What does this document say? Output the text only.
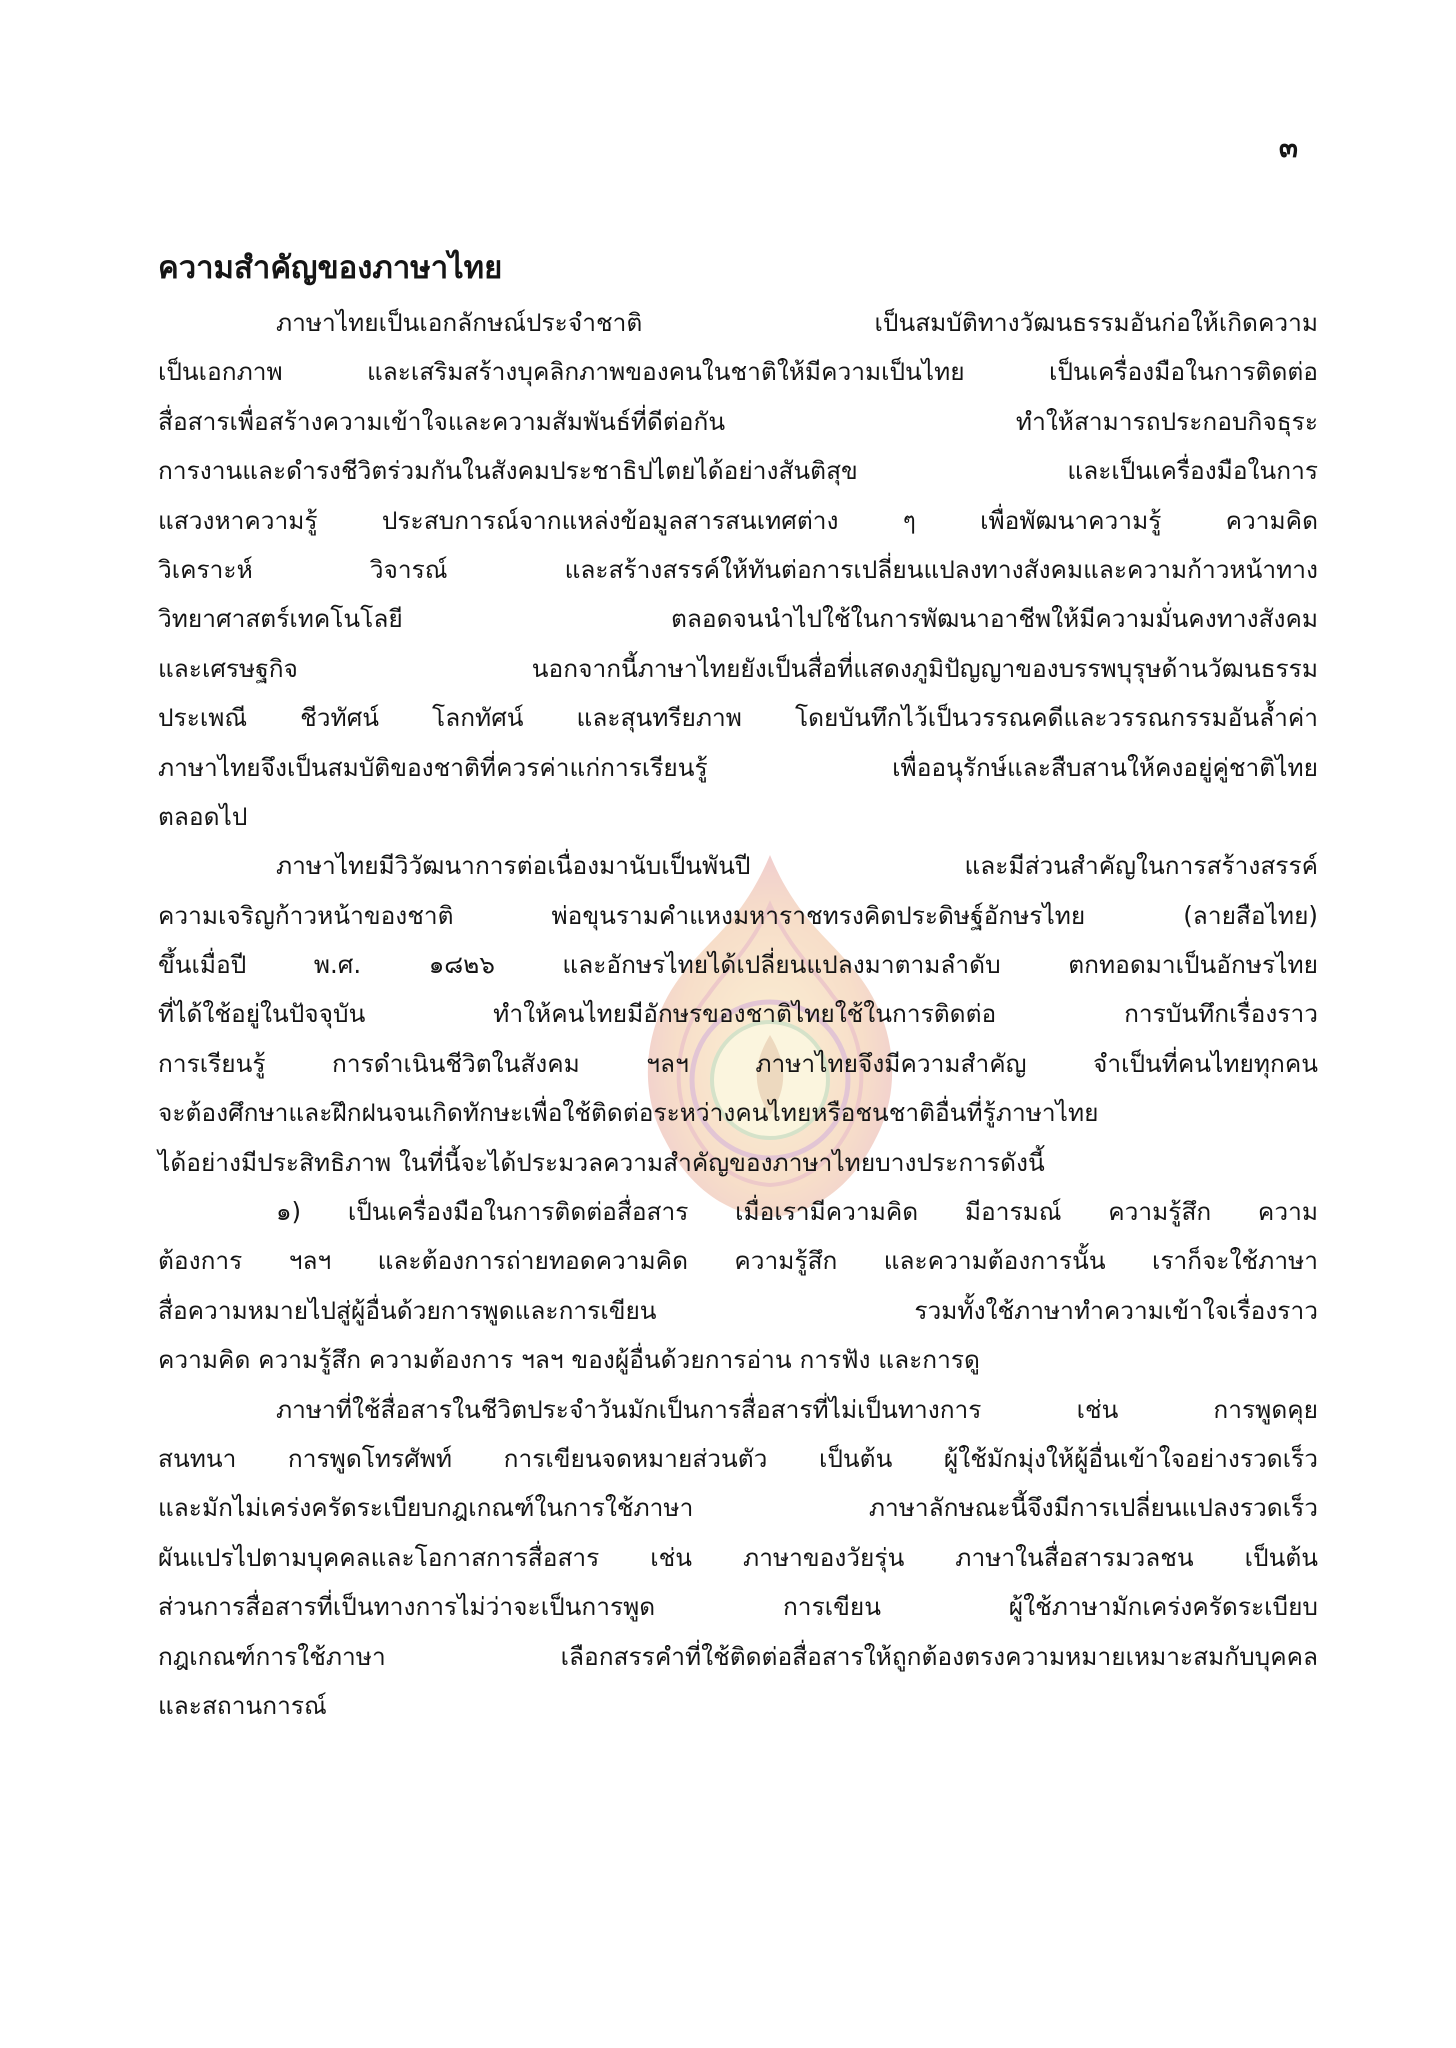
๓
ความสำคัญของภาษาไทย
ภาษาไทยเป็นเอกลักษณ์ประจำชาติ เป็นสมบัติทางวัฒนธรรมอันก่อให้เกิดความ
เป็นเอกภาพ และเสริมสร้างบุคลิกภาพของคนในชาติให้มีความเป็นไทย เป็นเครื่องมือในการติดต่อ
สื่อสารเพื่อสร้างความเข้าใจและความสัมพันธ์ที่ดีต่อกัน ทำให้สามารถประกอบกิจธุระ
การงานและดำรงชีวิตร่วมกันในสังคมประชาธิปไตยได้อย่างสันติสุข และเป็นเครื่องมือในการ
แสวงหาความรู้ ประสบการณ์จากแหล่งข้อมูลสารสนเทศต่าง ๆ เพื่อพัฒนาความรู้ ความคิด
วิเคราะห์ วิจารณ์ และสร้างสรรค์ให้ทันต่อการเปลี่ยนแปลงทางสังคมและความก้าวหน้าทาง
วิทยาศาสตร์เทคโนโลยี ตลอดจนนำไปใช้ในการพัฒนาอาชีพให้มีความมั่นคงทางสังคม
และเศรษฐกิจ นอกจากนี้ภาษาไทยยังเป็นสื่อที่แสดงภูมิปัญญาของบรรพบุรุษด้านวัฒนธรรม
ประเพณี ชีวทัศน์ โลกทัศน์ และสุนทรียภาพ โดยบันทึกไว้เป็นวรรณคดีและวรรณกรรมอันล้ำค่า
ภาษาไทยจึงเป็นสมบัติของชาติที่ควรค่าแก่การเรียนรู้ เพื่ออนุรักษ์และสืบสานให้คงอยู่คู่ชาติไทย
ตลอดไป
ภาษาไทยมีวิวัฒนาการต่อเนื่องมานับเป็นพันปี และมีส่วนสำคัญในการสร้างสรรค์
ความเจริญก้าวหน้าของชาติ พ่อขุนรามคำแหงมหาราชทรงคิดประดิษฐ์อักษรไทย (ลายสือไทย)
ขึ้นเมื่อปี พ.ศ. ๑๘๒๖ และอักษรไทยได้เปลี่ยนแปลงมาตามลำดับ ตกทอดมาเป็นอักษรไทย
ที่ได้ใช้อยู่ในปัจจุบัน ทำให้คนไทยมีอักษรของชาติไทยใช้ในการติดต่อ การบันทึกเรื่องราว
การเรียนรู้ การดำเนินชีวิตในสังคม ฯลฯ ภาษาไทยจึงมีความสำคัญ จำเป็นที่คนไทยทุกคน
จะต้องศึกษาและฝึกฝนจนเกิดทักษะเพื่อใช้ติดต่อระหว่างคนไทยหรือชนชาติอื่นที่รู้ภาษาไทย
ได้อย่างมีประสิทธิภาพ ในที่นี้จะได้ประมวลความสำคัญของภาษาไทยบางประการดังนี้
๑) เป็นเครื่องมือในการติดต่อสื่อสาร เมื่อเรามีความคิด มีอารมณ์ ความรู้สึก ความ
ต้องการ ฯลฯ และต้องการถ่ายทอดความคิด ความรู้สึก และความต้องการนั้น เราก็จะใช้ภาษา
สื่อความหมายไปสู่ผู้อื่นด้วยการพูดและการเขียน รวมทั้งใช้ภาษาทำความเข้าใจเรื่องราว
ความคิด ความรู้สึก ความต้องการ ฯลฯ ของผู้อื่นด้วยการอ่าน การฟัง และการดู
ภาษาที่ใช้สื่อสารในชีวิตประจำวันมักเป็นการสื่อสารที่ไม่เป็นทางการ เช่น การพูดคุย
สนทนา การพูดโทรศัพท์ การเขียนจดหมายส่วนตัว เป็นต้น ผู้ใช้มักมุ่งให้ผู้อื่นเข้าใจอย่างรวดเร็ว
และมักไม่เคร่งครัดระเบียบกฎเกณฑ์ในการใช้ภาษา ภาษาลักษณะนี้จึงมีการเปลี่ยนแปลงรวดเร็ว
ผันแปรไปตามบุคคลและโอกาสการสื่อสาร เช่น ภาษาของวัยรุ่น ภาษาในสื่อสารมวลชน เป็นต้น
ส่วนการสื่อสารที่เป็นทางการไม่ว่าจะเป็นการพูด การเขียน ผู้ใช้ภาษามักเคร่งครัดระเบียบ
กฎเกณฑ์การใช้ภาษา เลือกสรรคำที่ใช้ติดต่อสื่อสารให้ถูกต้องตรงความหมายเหมาะสมกับบุคคล
และสถานการณ์
